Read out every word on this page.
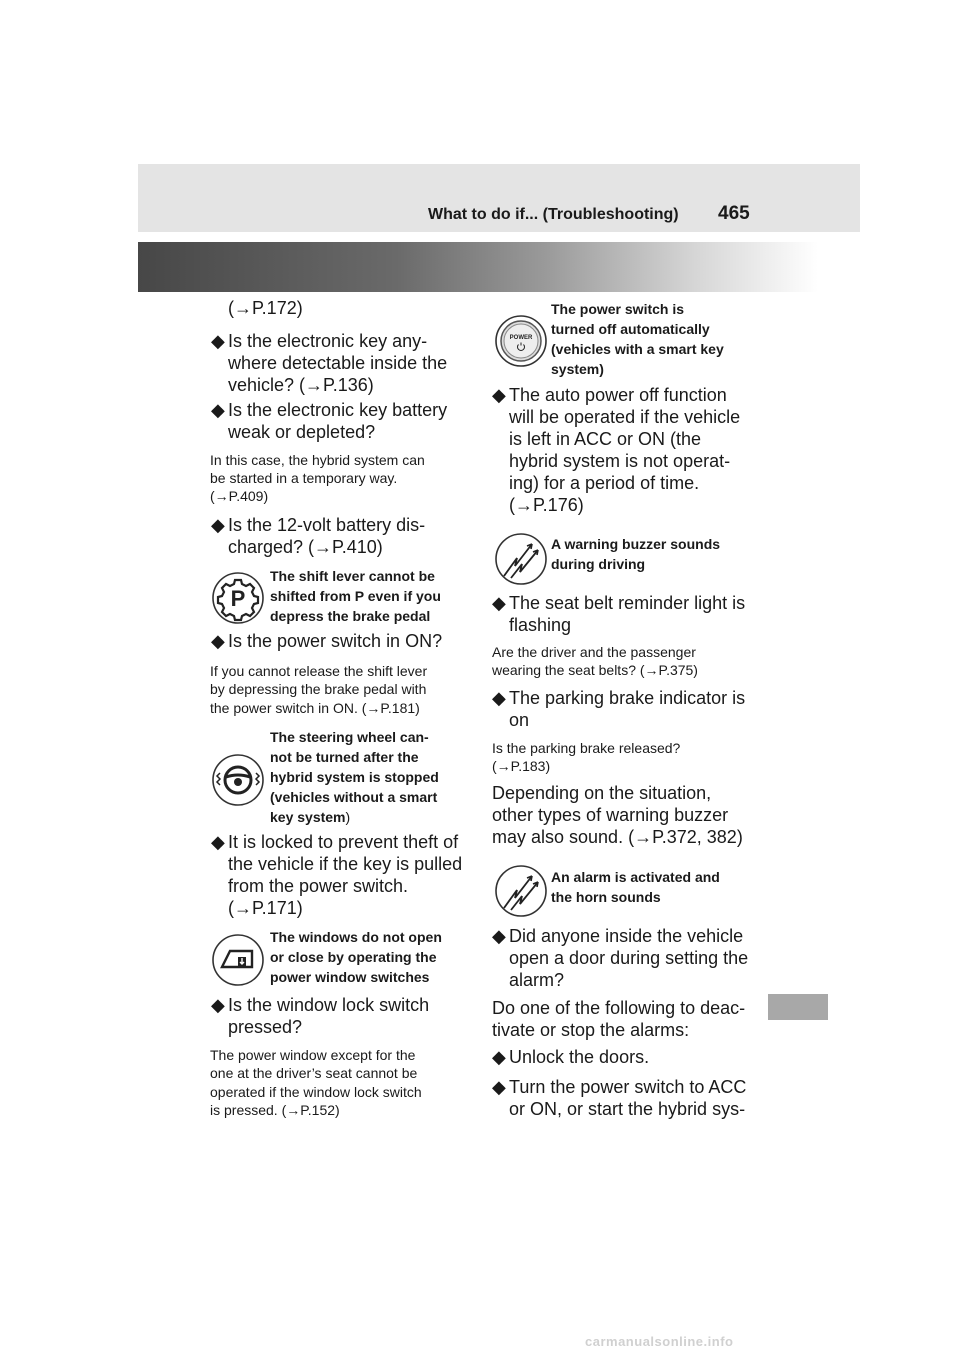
What to do if... (Troubleshooting) 465
(→P.172)
◆ Is the electronic key any-
where detectable inside the
vehicle? (→P.136)
◆ Is the electronic key battery
weak or depleted?
In this case, the hybrid system can
be started in a temporary way.
(→P.409)
◆ Is the 12-volt battery dis-
charged? (→P.410)
P
The shift lever cannot be
shifted from P even if you
depress the brake pedal
◆ Is the power switch in ON?
If you cannot release the shift lever
by depressing the brake pedal with
the power switch in ON. (→P.181)
The steering wheel can-
not be turned after the
hybrid system is stopped
(vehicles without a smart
key system)
◆ It is locked to prevent theft of
the vehicle if the key is pulled
from the power switch.
(→P.171)
The windows do not open
or close by operating the
power window switches
◆ Is the window lock switch
pressed?
The power window except for the
one at the driver’s seat cannot be
operated if the window lock switch
is pressed. (→P.152)
POWER
The power switch is
turned off automatically
(vehicles with a smart key
system)
◆ The auto power off function
will be operated if the vehicle
is left in ACC or ON (the
hybrid system is not operat-
ing) for a period of time.
(→P.176)
A warning buzzer sounds
during driving
◆ The seat belt reminder light is
flashing
Are the driver and the passenger
wearing the seat belts? (→P.375)
◆ The parking brake indicator is
on
Is the parking brake released?
(→P.183)
Depending on the situation,
other types of warning buzzer
may also sound. (→P.372, 382)
An alarm is activated and
the horn sounds
◆ Did anyone inside the vehicle
open a door during setting the
alarm?
Do one of the following to deac-
tivate or stop the alarms:
◆ Unlock the doors.
◆ Turn the power switch to ACC
or ON, or start the hybrid sys-
carmanualsonline.info
